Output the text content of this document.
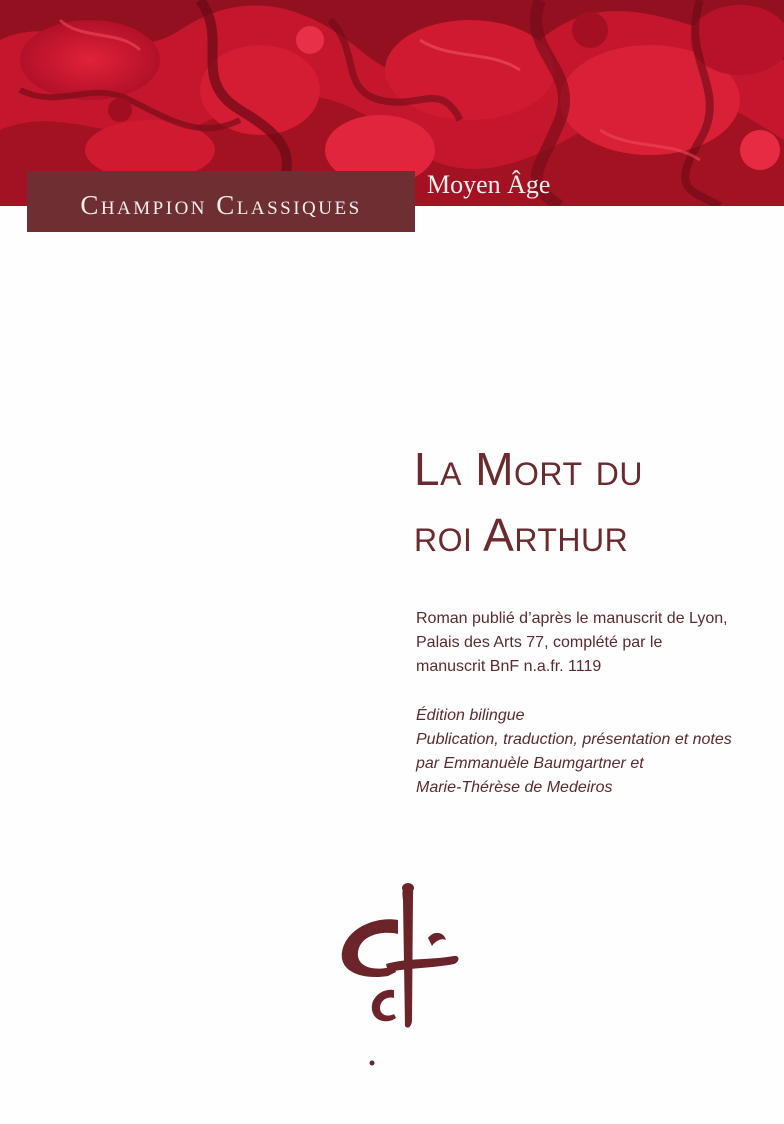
Champion Classiques
Moyen Âge
La Mort du
roi Arthur
Roman publié d’après le manuscrit de Lyon,
Palais des Arts 77, complété par le
manuscrit BnF n.a.fr. 1119
Édition bilingue
Publication, traduction, présentation et notes
par Emmanuèle Baumgartner et
Marie-Thérèse de Medeiros
